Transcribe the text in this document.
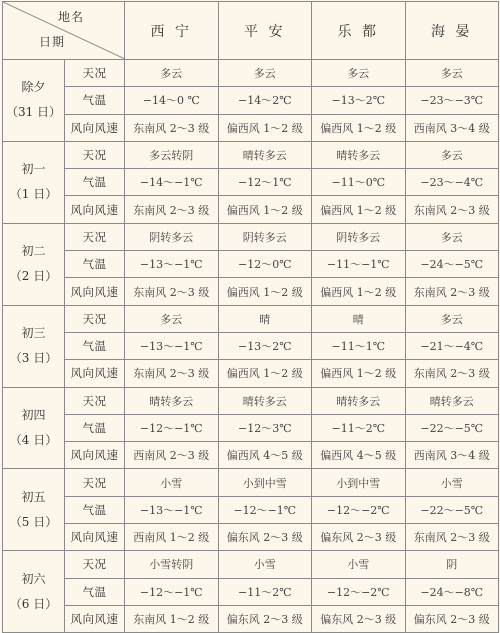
地名
日期		西 宁	平 安	乐 都	海 晏

除夕
（31 日）	天况	多云	多云	多云	多云
	气温	−14～0 ℃	−14～2℃	−13～2℃	−23～−3℃
	风向风速	东南风 2～3 级	偏西风 1～2 级	偏西风 1～2 级	西南风 3～4 级

初一
（1 日）	天况	多云转阴	晴转多云	晴转多云	多云
	气温	−14～−1℃	−12～1℃	−11～0℃	−23～−4℃
	风向风速	东南风 2～3 级	偏西风 1～2 级	偏西风 1～2 级	东南风 2～3 级

初二
（2 日）	天况	阴转多云	阴转多云	阴转多云	多云
	气温	−13～−1℃	−12～0℃	−11～−1℃	−24～−5℃
	风向风速	东南风 2～3 级	偏西风 1～2 级	偏西风 1～2 级	东南风 2～3 级

初三
（3 日）	天况	多云	晴	晴	多云
	气温	−13～−1℃	−13～2℃	−11～1℃	−21～−4℃
	风向风速	东南风 2～3 级	偏西风 1～2 级	偏西风 1～2 级	东南风 2～3 级

初四
（4 日）	天况	晴转多云	晴转多云	晴转多云	晴转多云
	气温	−12～−1℃	−12～3℃	−11～2℃	−22～−5℃
	风向风速	西南风 2～3 级	偏西风 4～5 级	偏西风 4～5 级	西南风 3～4 级

初五
（5 日）	天况	小雪	小到中雪	小到中雪	小雪
	气温	−13～−1℃	−12～−1℃	−12～−2℃	−22～−5℃
	风向风速	西南风 1～2 级	偏东风 2～3 级	偏东风 2～3 级	东南风 2～3 级

初六
（6 日）	天况	小雪转阴	小雪	小雪	阴
	气温	−12～−1℃	−11～2℃	−12～−2℃	−24～−8℃
	风向风速	东南风 1～2 级	偏东风 2～3 级	偏东风 2～3 级	偏东风 2～3 级
